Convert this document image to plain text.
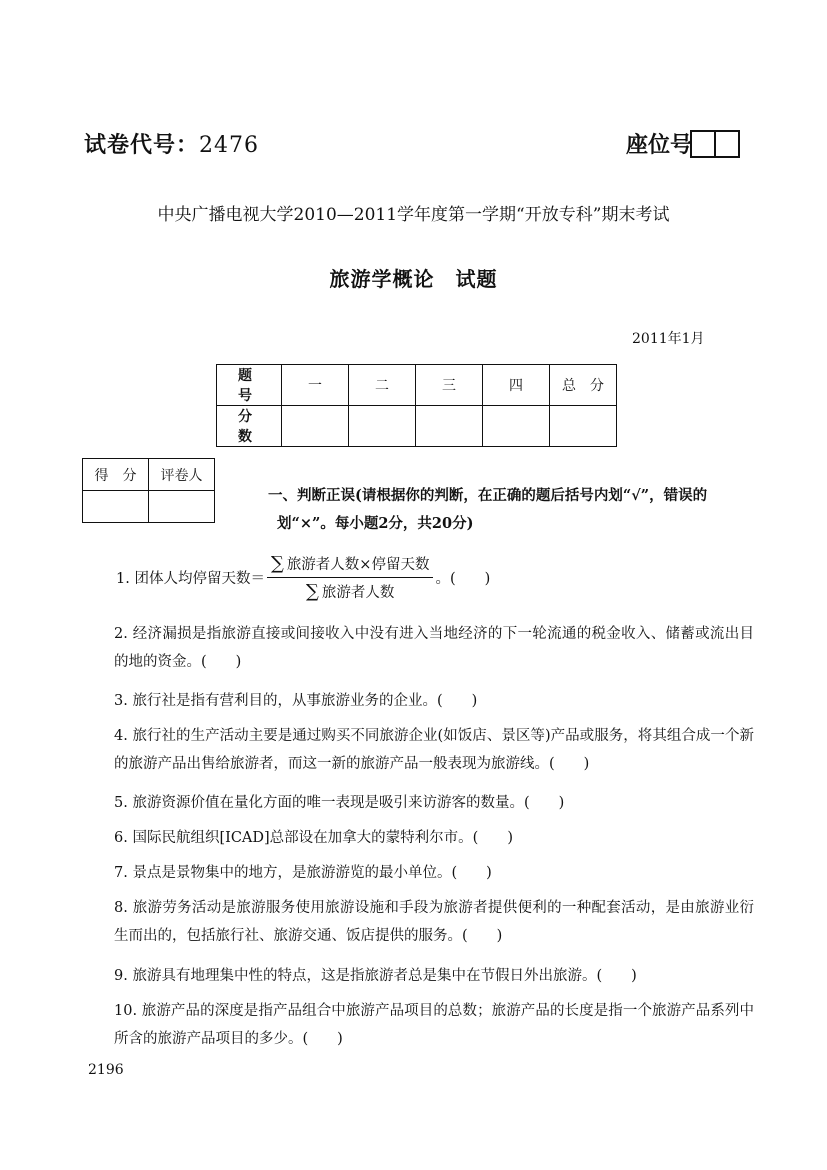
试卷代号：2476	座位号
中央广播电视大学2010—2011学年度第一学期“开放专科”期末考试
旅游学概论　试题
2011年1月
题　号	一	二	三	四	总　分
分　数					
得　分	评卷人

一、判断正误(请根据你的判断，在正确的题后括号内划“√”，错误的
划“×”。每小题2分，共20分)
1. 团体人均停留天数＝ $\frac{\text{∑ 旅游者人数×停留天数}}{\text{∑ 旅游者人数}}$ 。(　　)
2. 经济漏损是指旅游直接或间接收入中没有进入当地经济的下一轮流通的税金收入、储蓄或流出目的地的资金。(　　)
3. 旅行社是指有营利目的，从事旅游业务的企业。(　　)
4. 旅行社的生产活动主要是通过购买不同旅游企业(如饭店、景区等)产品或服务，将其组合成一个新的旅游产品出售给旅游者，而这一新的旅游产品一般表现为旅游线。(　　)
5. 旅游资源价值在量化方面的唯一表现是吸引来访游客的数量。(　　)
6. 国际民航组织[ICAD]总部设在加拿大的蒙特利尔市。(　　)
7. 景点是景物集中的地方，是旅游游览的最小单位。(　　)
8. 旅游劳务活动是旅游服务使用旅游设施和手段为旅游者提供便利的一种配套活动，是由旅游业衍生而出的，包括旅行社、旅游交通、饭店提供的服务。(　　)
9. 旅游具有地理集中性的特点，这是指旅游者总是集中在节假日外出旅游。(　　)
10. 旅游产品的深度是指产品组合中旅游产品项目的总数；旅游产品的长度是指一个旅游产品系列中所含的旅游产品项目的多少。(　　)
2196
